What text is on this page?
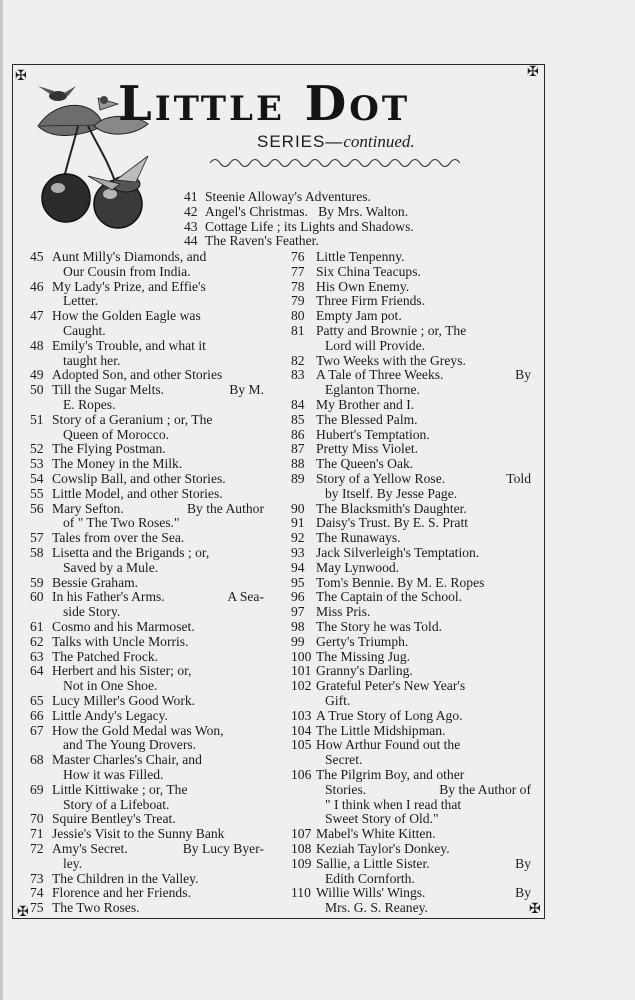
✠	✠
✠	✠
Little Dot
SERIES—continued.
41 Steenie Alloway's Adventures.
42 Angel's Christmas.   By Mrs. Walton.
43 Cottage Life ; its Lights and Shadows.
44 The Raven's Feather.
45 Aunt Milly's Diamonds, and
Our Cousin from India.
46 My Lady's Prize, and Effie's
Letter.
47 How the Golden Eagle was
Caught.
48 Emily's Trouble, and what it
taught her.
49 Adopted Son, and other Stories
50 Till the Sugar Melts.	By M.
E. Ropes.
51 Story of a Geranium ; or, The
Queen of Morocco.
52 The Flying Postman.
53 The Money in the Milk.
54 Cowslip Ball, and other Stories.
55 Little Model, and other Stories.
56 Mary Sefton.	By the Author
of " The Two Roses."
57 Tales from over the Sea.
58 Lisetta and the Brigands ; or,
Saved by a Mule.
59 Bessie Graham.
60 In his Father's Arms.	A Sea-
side Story.
61 Cosmo and his Marmoset.
62 Talks with Uncle Morris.
63 The Patched Frock.
64 Herbert and his Sister; or,
Not in One Shoe.
65 Lucy Miller's Good Work.
66 Little Andy's Legacy.
67 How the Gold Medal was Won,
and The Young Drovers.
68 Master Charles's Chair, and
How it was Filled.
69 Little Kittiwake ; or, The
Story of a Lifeboat.
70 Squire Bentley's Treat.
71 Jessie's Visit to the Sunny Bank
72 Amy's Secret.	By Lucy Byer-
ley.
73 The Children in the Valley.
74 Florence and her Friends.
75 The Two Roses.
76 Little Tenpenny.
77 Six China Teacups.
78 His Own Enemy.
79 Three Firm Friends.
80 Empty Jam pot.
81 Patty and Brownie ; or, The
Lord will Provide.
82 Two Weeks with the Greys.
83 A Tale of Three Weeks.	By
Eglanton Thorne.
84 My Brother and I.
85 The Blessed Palm.
86 Hubert's Temptation.
87 Pretty Miss Violet.
88 The Queen's Oak.
89 Story of a Yellow Rose.	Told
by Itself. By Jesse Page.
90 The Blacksmith's Daughter.
91 Daisy's Trust. By E. S. Pratt
92 The Runaways.
93 Jack Silverleigh's Temptation.
94 May Lynwood.
95 Tom's Bennie. By M. E. Ropes
96 The Captain of the School.
97 Miss Pris.
98 The Story he was Told.
99 Gerty's Triumph.
100 The Missing Jug.
101 Granny's Darling.
102 Grateful Peter's New Year's
Gift.
103 A True Story of Long Ago.
104 The Little Midshipman.
105 How Arthur Found out the
Secret.
106 The Pilgrim Boy, and other
Stories.	By the Author of
" I think when I read that
Sweet Story of Old."
107 Mabel's White Kitten.
108 Keziah Taylor's Donkey.
109 Sallie, a Little Sister.	By
Edith Cornforth.
110 Willie Wills' Wings.	By
Mrs. G. S. Reaney.
